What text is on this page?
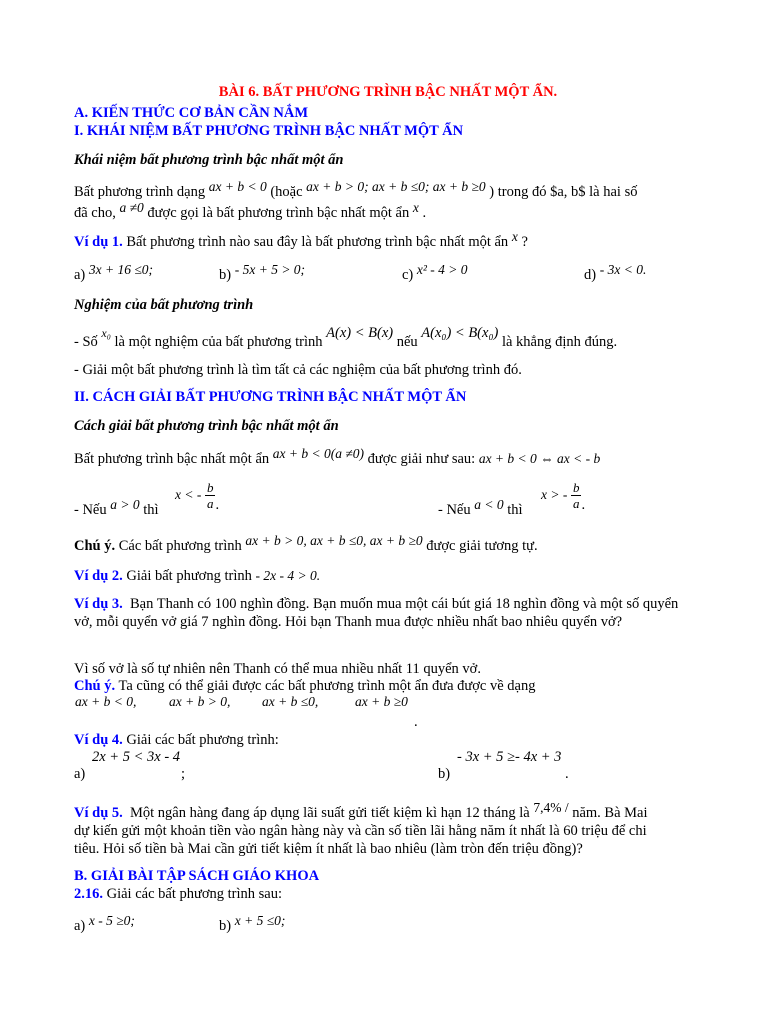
BÀI 6. BẤT PHƯƠNG TRÌNH BẬC NHẤT MỘT ẨN.
A. KIẾN THỨC CƠ BẢN CẦN NẮM
I. KHÁI NIỆM BẤT PHƯƠNG TRÌNH BẬC NHẤT MỘT ẨN
Khái niệm bất phương trình bậc nhất một ẩn
Bất phương trình dạng ax + b < 0 (hoặc ax + b > 0; ax + b ≤0; ax + b ≥0 ) trong đó $a, b$ là hai số
đã cho, a ≠0 được gọi là bất phương trình bậc nhất một ẩn x .
Ví dụ 1. Bất phương trình nào sau đây là bất phương trình bậc nhất một ẩn x ?
a) 3x + 16 ≤0;	b) - 5x + 5 > 0;	c) x² - 4 > 0	d) - 3x < 0.
Nghiệm của bất phương trình
- Số $^{x_0}$ là một nghiệm của bất phương trình A(x) < B(x) nếu A(x₀) < B(x₀) là khẳng định đúng.
- Giải một bất phương trình là tìm tất cả các nghiệm của bất phương trình đó.
II. CÁCH GIẢI BẤT PHƯƠNG TRÌNH BẬC NHẤT MỘT ẨN
Cách giải bất phương trình bậc nhất một ẩn
Bất phương trình bậc nhất một ẩn ax + b < 0(a ≠0) được giải như sau: ax + b < 0 ⇔ ax < - b
- Nếu a > 0 thì
x < - $\frac{b}{a}$ .	- Nếu a < 0 thì
x > - $\frac{b}{a}$ .
Chú ý. Các bất phương trình ax + b > 0, ax + b ≤0, ax + b ≥0 được giải tương tự.
Ví dụ 2. Giải bất phương trình - 2x - 4 > 0.
Ví dụ 3. Bạn Thanh có 100 nghìn đồng. Bạn muốn mua một cái bút giá 18 nghìn đồng và một số quyển vở, mỗi quyển vở giá 7 nghìn đồng. Hỏi bạn Thanh mua được nhiều nhất bao nhiêu quyển vở?
Vì số vở là số tự nhiên nên Thanh có thể mua nhiều nhất 11 quyển vở.
Chú ý. Ta cũng có thể giải được các bất phương trình một ẩn đưa được về dạng
ax + b < 0, ax + b > 0, ax + b ≤0,	ax + b ≥0
.
Ví dụ 4. Giải các bất phương trình:
2x + 5 < 3x - 4
a)	;
- 3x + 5 ≥- 4x + 3
b)	.
Ví dụ 5. Một ngân hàng đang áp dụng lãi suất gửi tiết kiệm kì hạn 12 tháng là 7,4% / năm. Bà Mai
dự kiến gửi một khoản tiền vào ngân hàng này và cần số tiền lãi hằng năm ít nhất là 60 triệu để chi
tiêu. Hỏi số tiền bà Mai cần gửi tiết kiệm ít nhất là bao nhiêu (làm tròn đến triệu đồng)?
B. GIẢI BÀI TẬP SÁCH GIÁO KHOA
2.16. Giải các bất phương trình sau:
a) x - 5 ≥0;	b) x + 5 ≤0;
